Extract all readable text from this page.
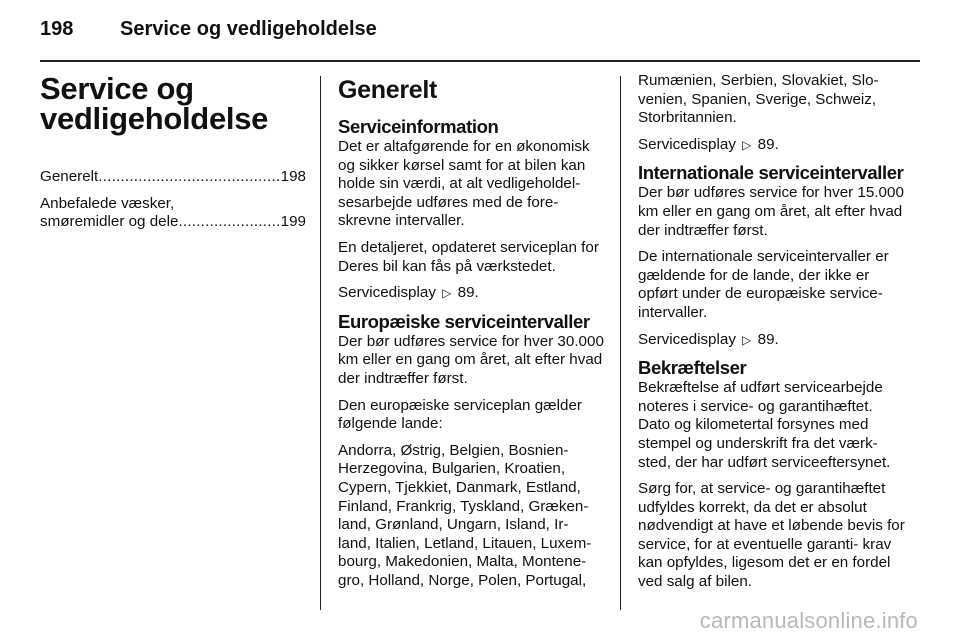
198 Service og vedligeholdelse
Service og vedligeholdelse
Generelt . . .	198
Anbefalede væsker,
smøremidler og dele . . .	199
Generelt
Serviceinformation
Det er altafgørende for en økonomisk og sikker kørsel samt for at bilen kan holde sin værdi, at alt vedligeholdel‐ sesarbejde udføres med de fore‐ skrevne intervaller.
En detaljeret, opdateret serviceplan for Deres bil kan fås på værkstedet.
Servicedisplay ▷ 89.
Europæiske serviceintervaller
Der bør udføres service for hver 30.000 km eller en gang om året, alt efter hvad der indtræffer først.
Den europæiske serviceplan gælder følgende lande:
Andorra, Østrig, Belgien, Bosnien- Herzegovina, Bulgarien, Kroatien, Cypern, Tjekkiet, Danmark, Estland, Finland, Frankrig, Tyskland, Græken‐ land, Grønland, Ungarn, Island, Ir‐ land, Italien, Letland, Litauen, Luxem‐ bourg, Makedonien, Malta, Montene‐ gro, Holland, Norge, Polen, Portugal,
Rumænien, Serbien, Slovakiet, Slo‐ venien, Spanien, Sverige, Schweiz, Storbritannien.
Servicedisplay ▷ 89.
Internationale serviceintervaller
Der bør udføres service for hver 15.000 km eller en gang om året, alt efter hvad der indtræffer først.
De internationale serviceintervaller er gældende for de lande, der ikke er opført under de europæiske service‐ intervaller.
Servicedisplay ▷ 89.
Bekræftelser
Bekræftelse af udført servicearbejde noteres i service- og garantihæftet. Dato og kilometertal forsynes med stempel og underskrift fra det værk‐ sted, der har udført serviceeftersynet.
Sørg for, at service- og garantihæftet udfyldes korrekt, da det er absolut nødvendigt at have et løbende bevis for service, for at eventuelle garanti‐ krav kan opfyldes, ligesom det er en fordel ved salg af bilen.
carmanualsonline.info
